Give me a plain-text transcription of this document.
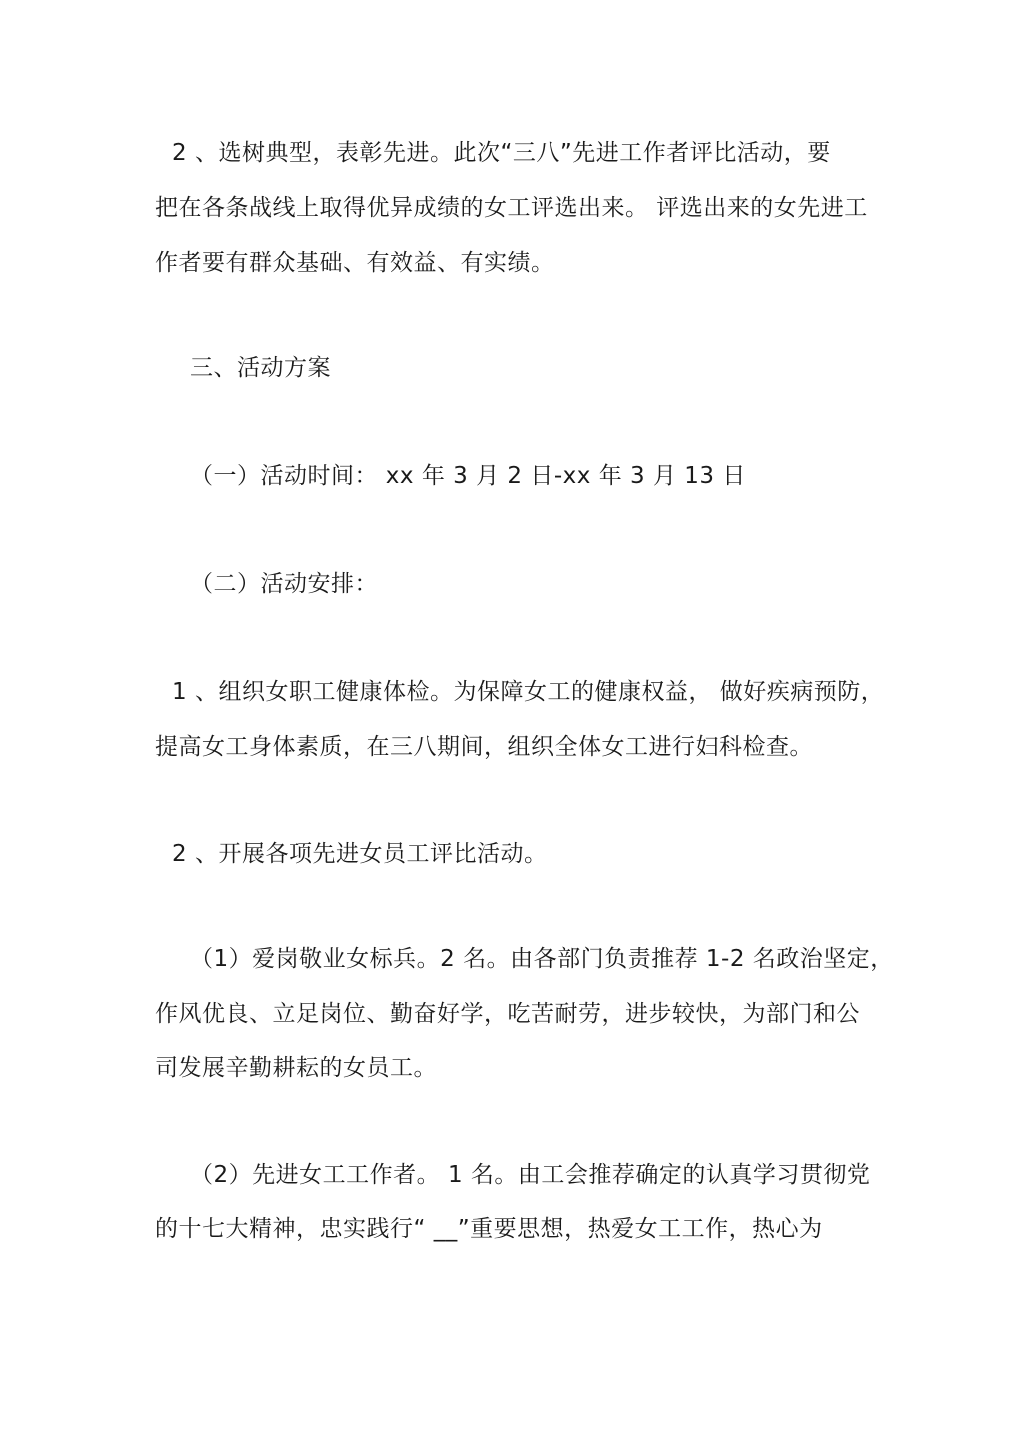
2 、选树典型，表彰先进。此次“三八”先进工作者评比活动，要
把在各条战线上取得优异成绩的女工评选出来。 评选出来的女先进工
作者要有群众基础、有效益、有实绩。
三、活动方案
（一）活动时间： xx 年 3 月 2 日-xx 年 3 月 13 日
（二）活动安排：
1 、组织女职工健康体检。为保障女工的健康权益， 做好疾病预防，
提高女工身体素质，在三八期间，组织全体女工进行妇科检查。
2 、开展各项先进女员工评比活动。
（1）爱岗敬业女标兵。2 名。由各部门负责推荐 1-2 名政治坚定，
作风优良、立足岗位、勤奋好学，吃苦耐劳，进步较快，为部门和公
司发展辛勤耕耘的女员工。
（2）先进女工工作者。 1 名。由工会推荐确定的认真学习贯彻党
的十七大精神，忠实践行“ __”重要思想，热爱女工工作，热心为
